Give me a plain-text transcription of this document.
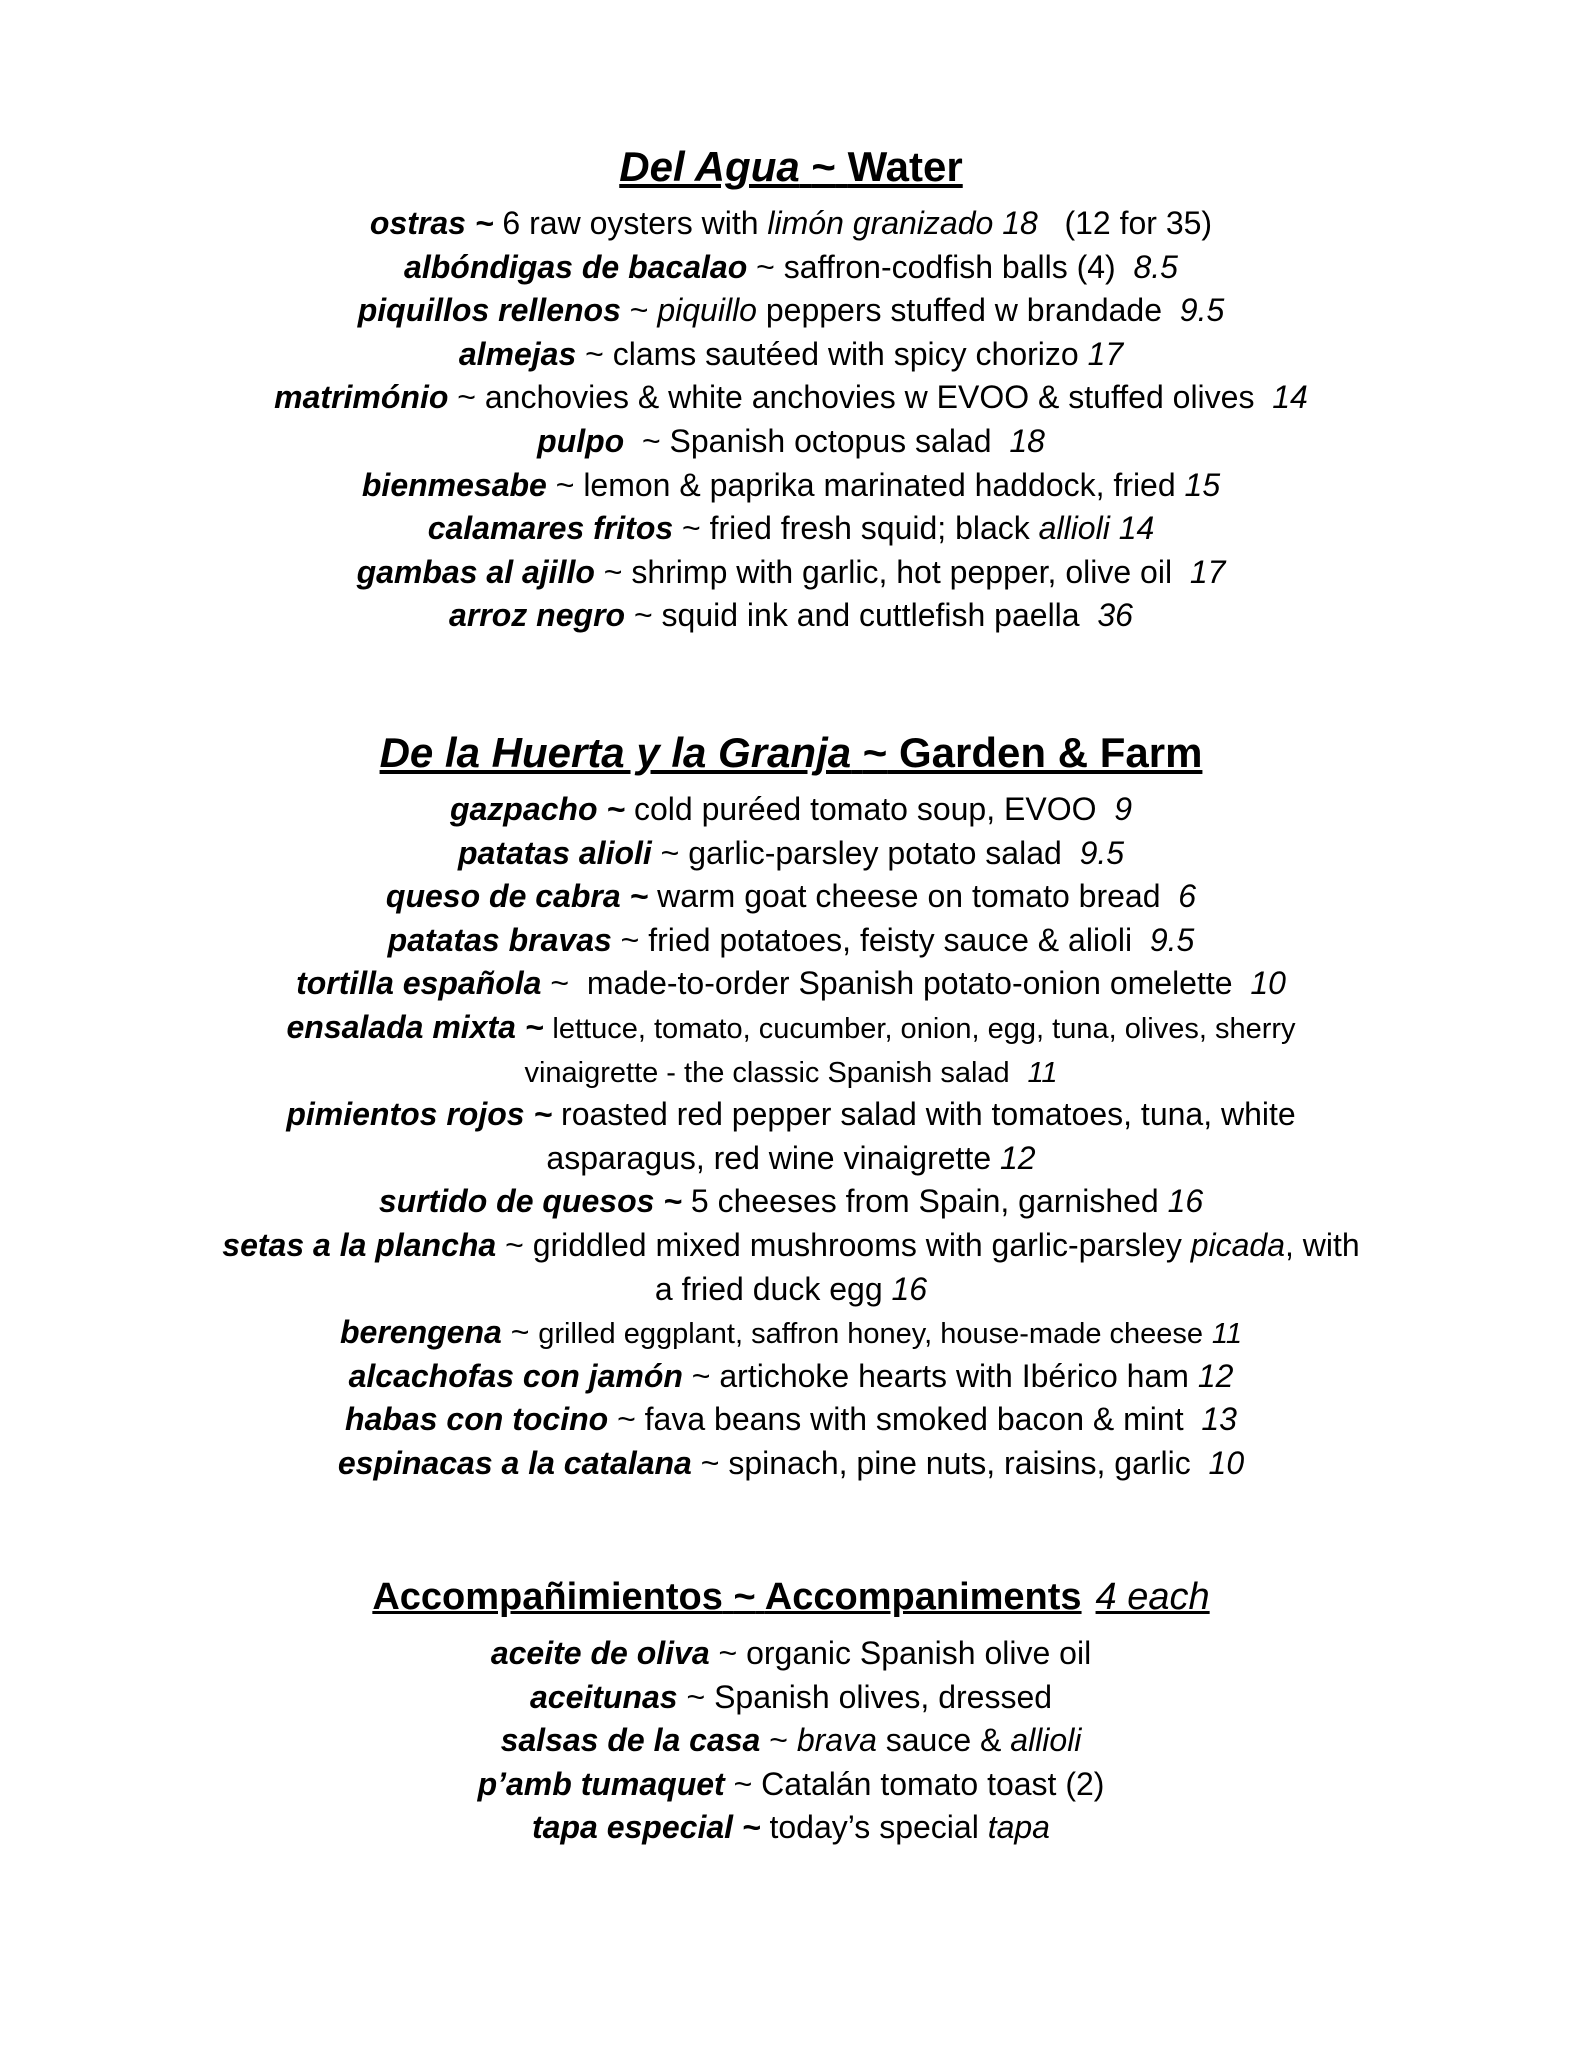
Del Agua ~ Water
ostras ~ 6 raw oysters with limón granizado 18 (12 for 35)
albóndigas de bacalao ~ saffron-codfish balls (4) 8.5
piquillos rellenos ~ piquillo peppers stuffed w brandade 9.5
almejas ~ clams sautéed with spicy chorizo 17
matrimónio ~ anchovies & white anchovies w EVOO & stuffed olives 14
pulpo  ~ Spanish octopus salad 18
bienmesabe ~ lemon & paprika marinated haddock, fried 15
calamares fritos ~ fried fresh squid; black allioli 14
gambas al ajillo ~ shrimp with garlic, hot pepper, olive oil 17
arroz negro ~ squid ink and cuttlefish paella 36
De la Huerta y la Granja ~ Garden & Farm
gazpacho ~ cold puréed tomato soup, EVOO 9
patatas alioli ~ garlic-parsley potato salad 9.5
queso de cabra ~ warm goat cheese on tomato bread 6
patatas bravas ~ fried potatoes, feisty sauce & alioli 9.5
tortilla española ~  made-to-order Spanish potato-onion omelette 10
ensalada mixta ~ lettuce, tomato, cucumber, onion, egg, tuna, olives, sherry vinaigrette - the classic Spanish salad 11
pimientos rojos ~ roasted red pepper salad with tomatoes, tuna, white asparagus, red wine vinaigrette 12
surtido de quesos ~ 5 cheeses from Spain, garnished 16
setas a la plancha ~ griddled mixed mushrooms with garlic-parsley picada, with a fried duck egg 16
berengena ~ grilled eggplant, saffron honey, house-made cheese 11
alcachofas con jamón ~ artichoke hearts with Ibérico ham 12
habas con tocino ~ fava beans with smoked bacon & mint 13
espinacas a la catalana ~ spinach, pine nuts, raisins, garlic 10
Accompañimientos ~ Accompaniments 4 each
aceite de oliva ~ organic Spanish olive oil
aceitunas ~ Spanish olives, dressed
salsas de la casa ~ brava sauce & allioli
p’amb tumaquet ~ Catalán tomato toast (2)
tapa especial ~ today’s special tapa
